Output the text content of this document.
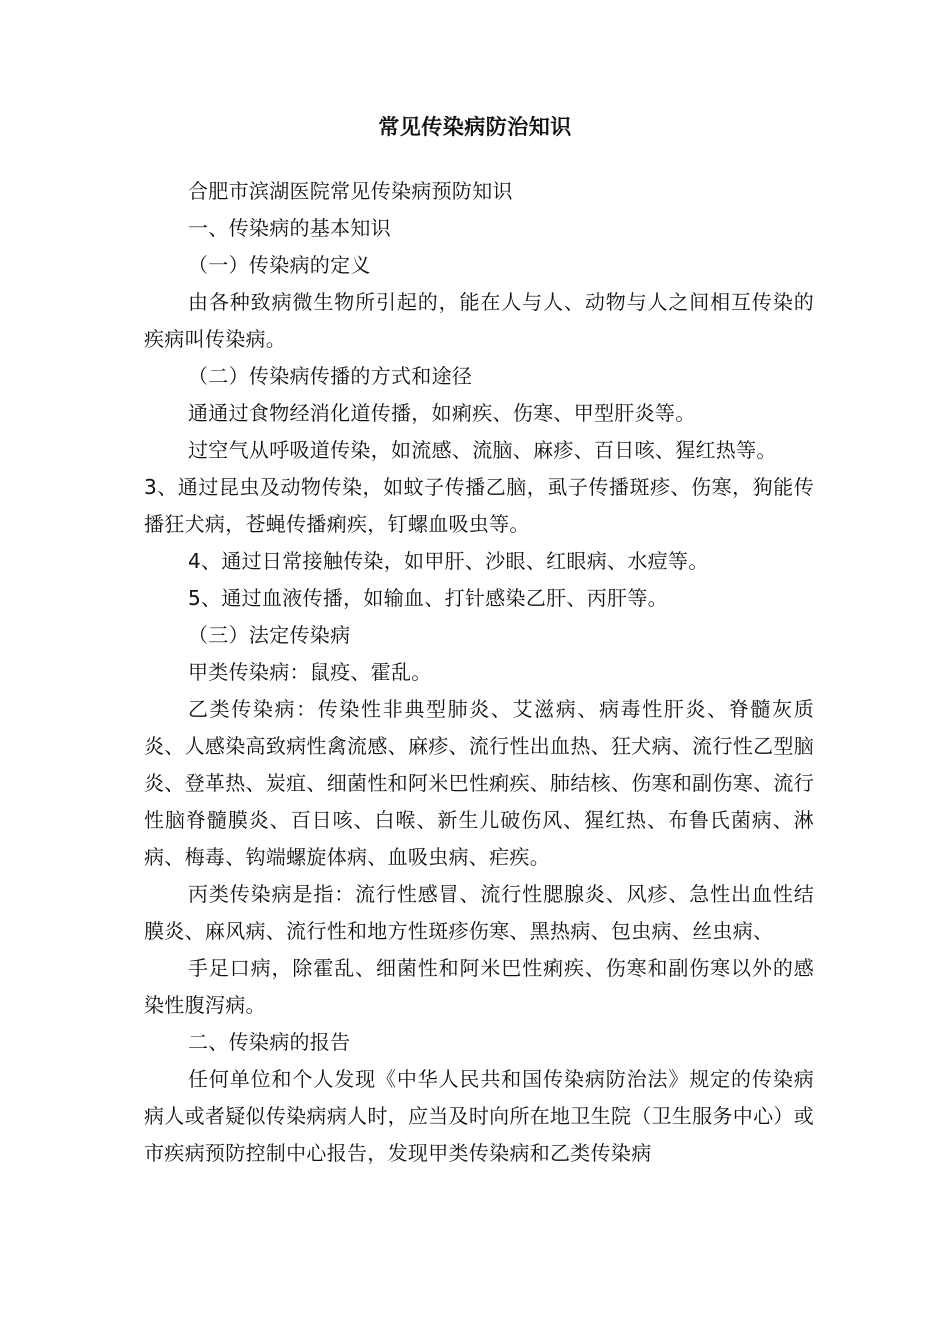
常见传染病防治知识

合肥市滨湖医院常见传染病预防知识

一、传染病的基本知识

（一）传染病的定义

由各种致病微生物所引起的，能在人与人、动物与人之间相互传染的疾病叫传染病。

（二）传染病传播的方式和途径

通通过食物经消化道传播，如痢疾、伤寒、甲型肝炎等。

过空气从呼吸道传染，如流感、流脑、麻疹、百日咳、猩红热等。

3、通过昆虫及动物传染，如蚊子传播乙脑，虱子传播斑疹、伤寒，狗能传播狂犬病，苍蝇传播痢疾，钉螺血吸虫等。

4、通过日常接触传染，如甲肝、沙眼、红眼病、水痘等。

5、通过血液传播，如输血、打针感染乙肝、丙肝等。

（三）法定传染病

甲类传染病：鼠疫、霍乱。

乙类传染病：传染性非典型肺炎、艾滋病、病毒性肝炎、脊髓灰质炎、人感染高致病性禽流感、麻疹、流行性出血热、狂犬病、流行性乙型脑炎、登革热、炭疽、细菌性和阿米巴性痢疾、肺结核、伤寒和副伤寒、流行性脑脊髓膜炎、百日咳、白喉、新生儿破伤风、猩红热、布鲁氏菌病、淋病、梅毒、钩端螺旋体病、血吸虫病、疟疾。

丙类传染病是指：流行性感冒、流行性腮腺炎、风疹、急性出血性结膜炎、麻风病、流行性和地方性斑疹伤寒、黑热病、包虫病、丝虫病、

手足口病，除霍乱、细菌性和阿米巴性痢疾、伤寒和副伤寒以外的感染性腹泻病。

二、传染病的报告

任何单位和个人发现《中华人民共和国传染病防治法》规定的传染病病人或者疑似传染病病人时，应当及时向所在地卫生院（卫生服务中心）或市疾病预防控制中心报告，发现甲类传染病和乙类传染病
